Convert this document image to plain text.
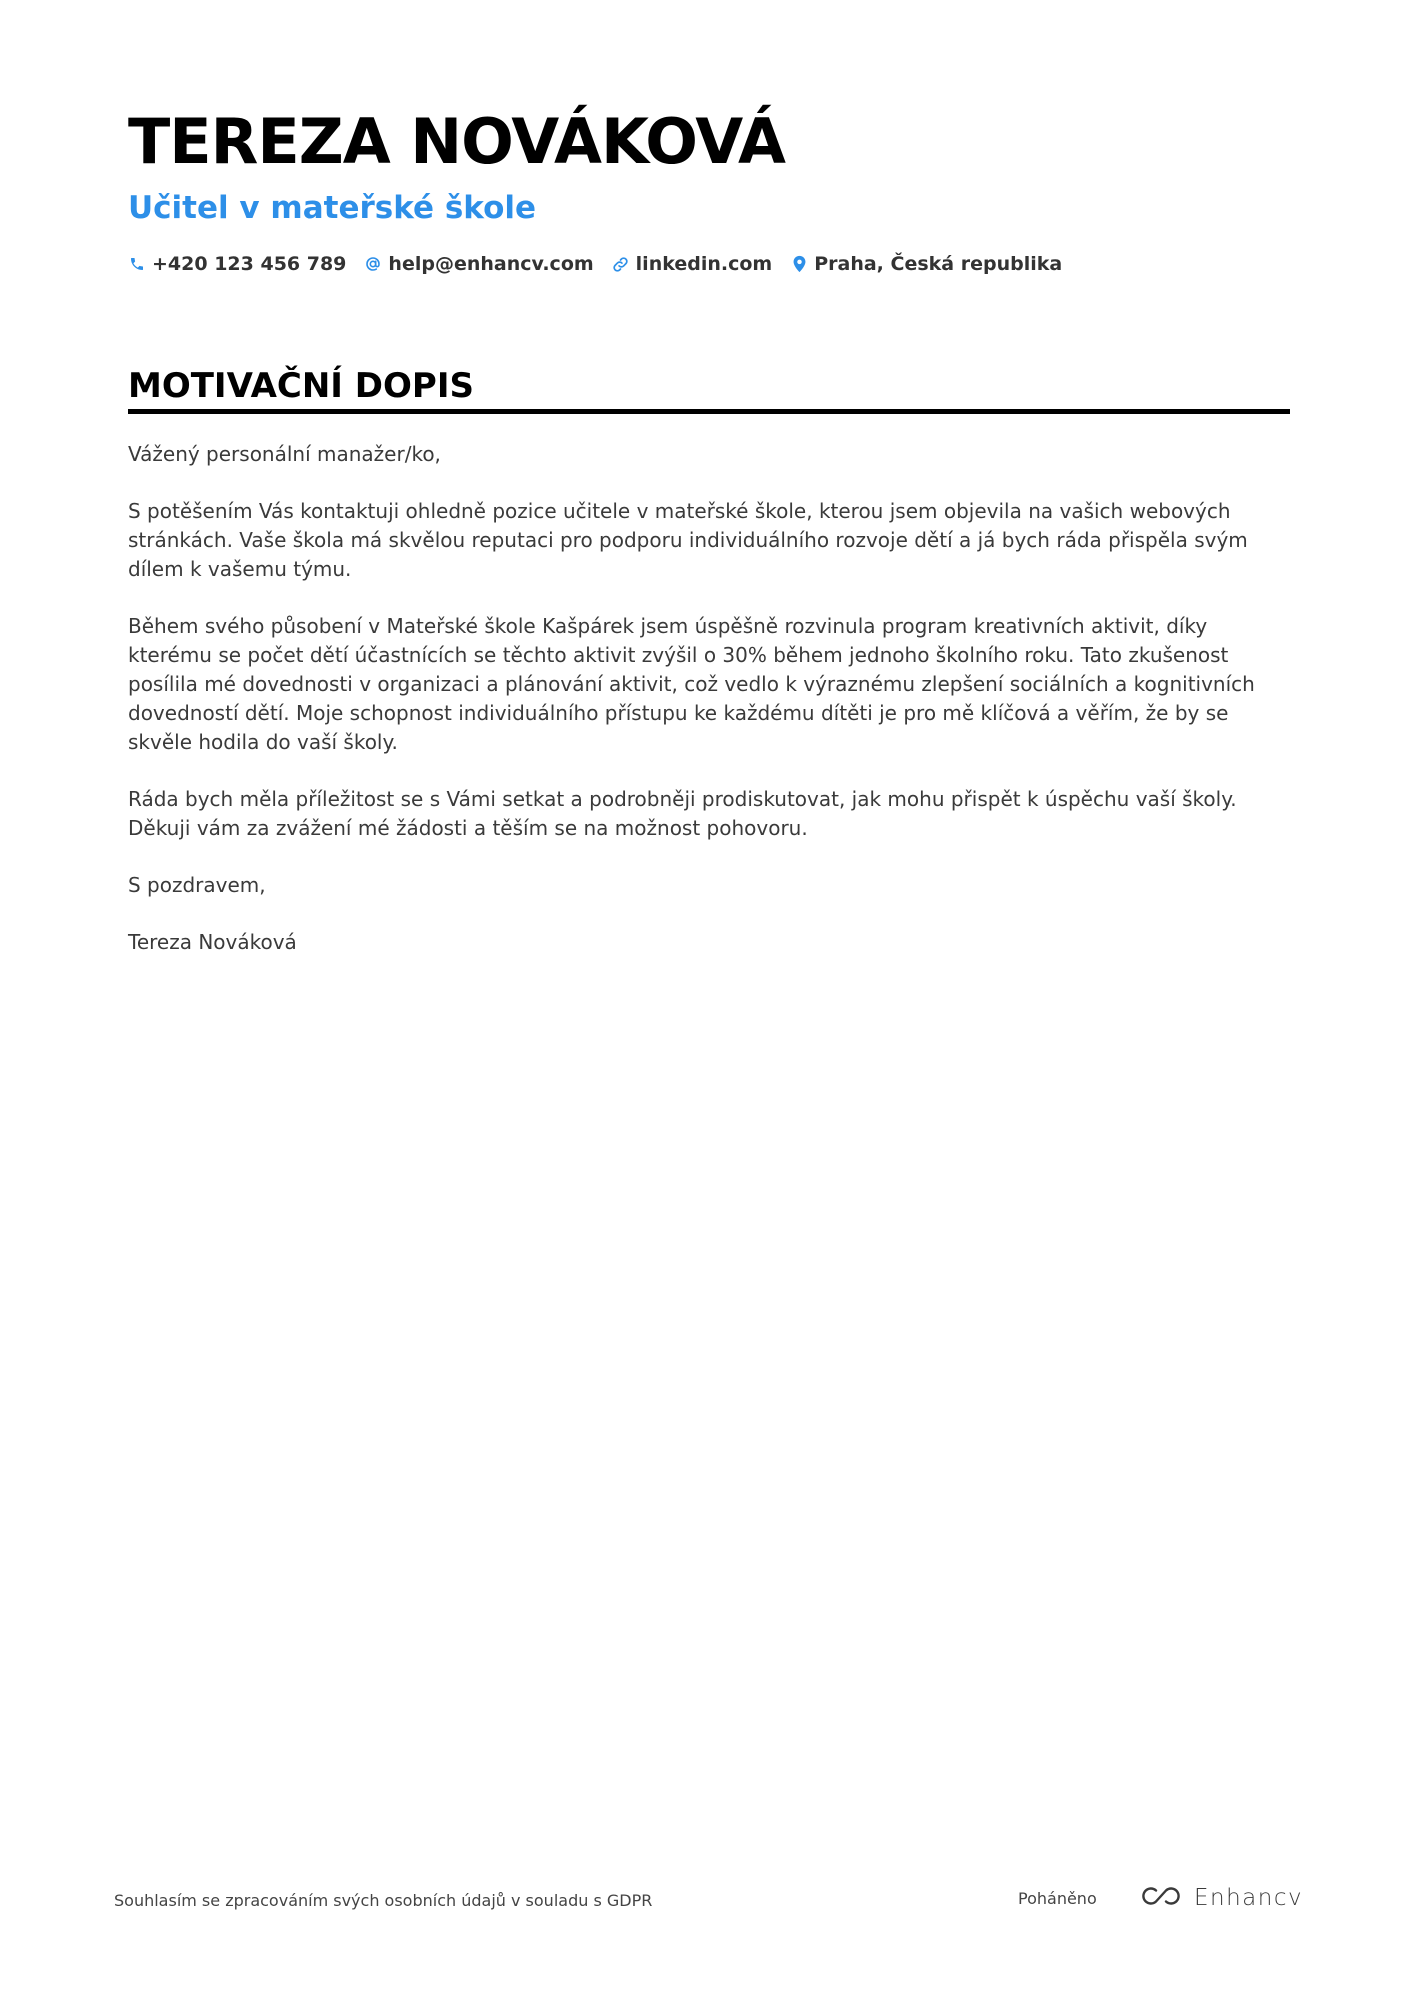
TEREZA NOVÁKOVÁ
Učitel v mateřské škole
+420 123 456 789 help@enhancv.com linkedin.com Praha, Česká republika
MOTIVAČNÍ DOPIS

Vážený personální manažer/ko,

S potěšením Vás kontaktuji ohledně pozice učitele v mateřské škole, kterou jsem objevila na vašich webových stránkách. Vaše škola má skvělou reputaci pro podporu individuálního rozvoje dětí a já bych ráda přispěla svým dílem k vašemu týmu.

Během svého působení v Mateřské škole Kašpárek jsem úspěšně rozvinula program kreativních aktivit, díky kterému se počet dětí účastnících se těchto aktivit zvýšil o 30% během jednoho školního roku. Tato zkušenost posílila mé dovednosti v organizaci a plánování aktivit, což vedlo k výraznému zlepšení sociálních a kognitivních dovedností dětí. Moje schopnost individuálního přístupu ke každému dítěti je pro mě klíčová a věřím, že by se skvěle hodila do vaší školy.

Ráda bych měla příležitost se s Vámi setkat a podrobněji prodiskutovat, jak mohu přispět k úspěchu vaší školy. Děkuji vám za zvážení mé žádosti a těším se na možnost pohovoru.

S pozdravem,

Tereza Nováková

Souhlasím se zpracováním svých osobních údajů v souladu s GDPR	Poháněno	Enhancv
